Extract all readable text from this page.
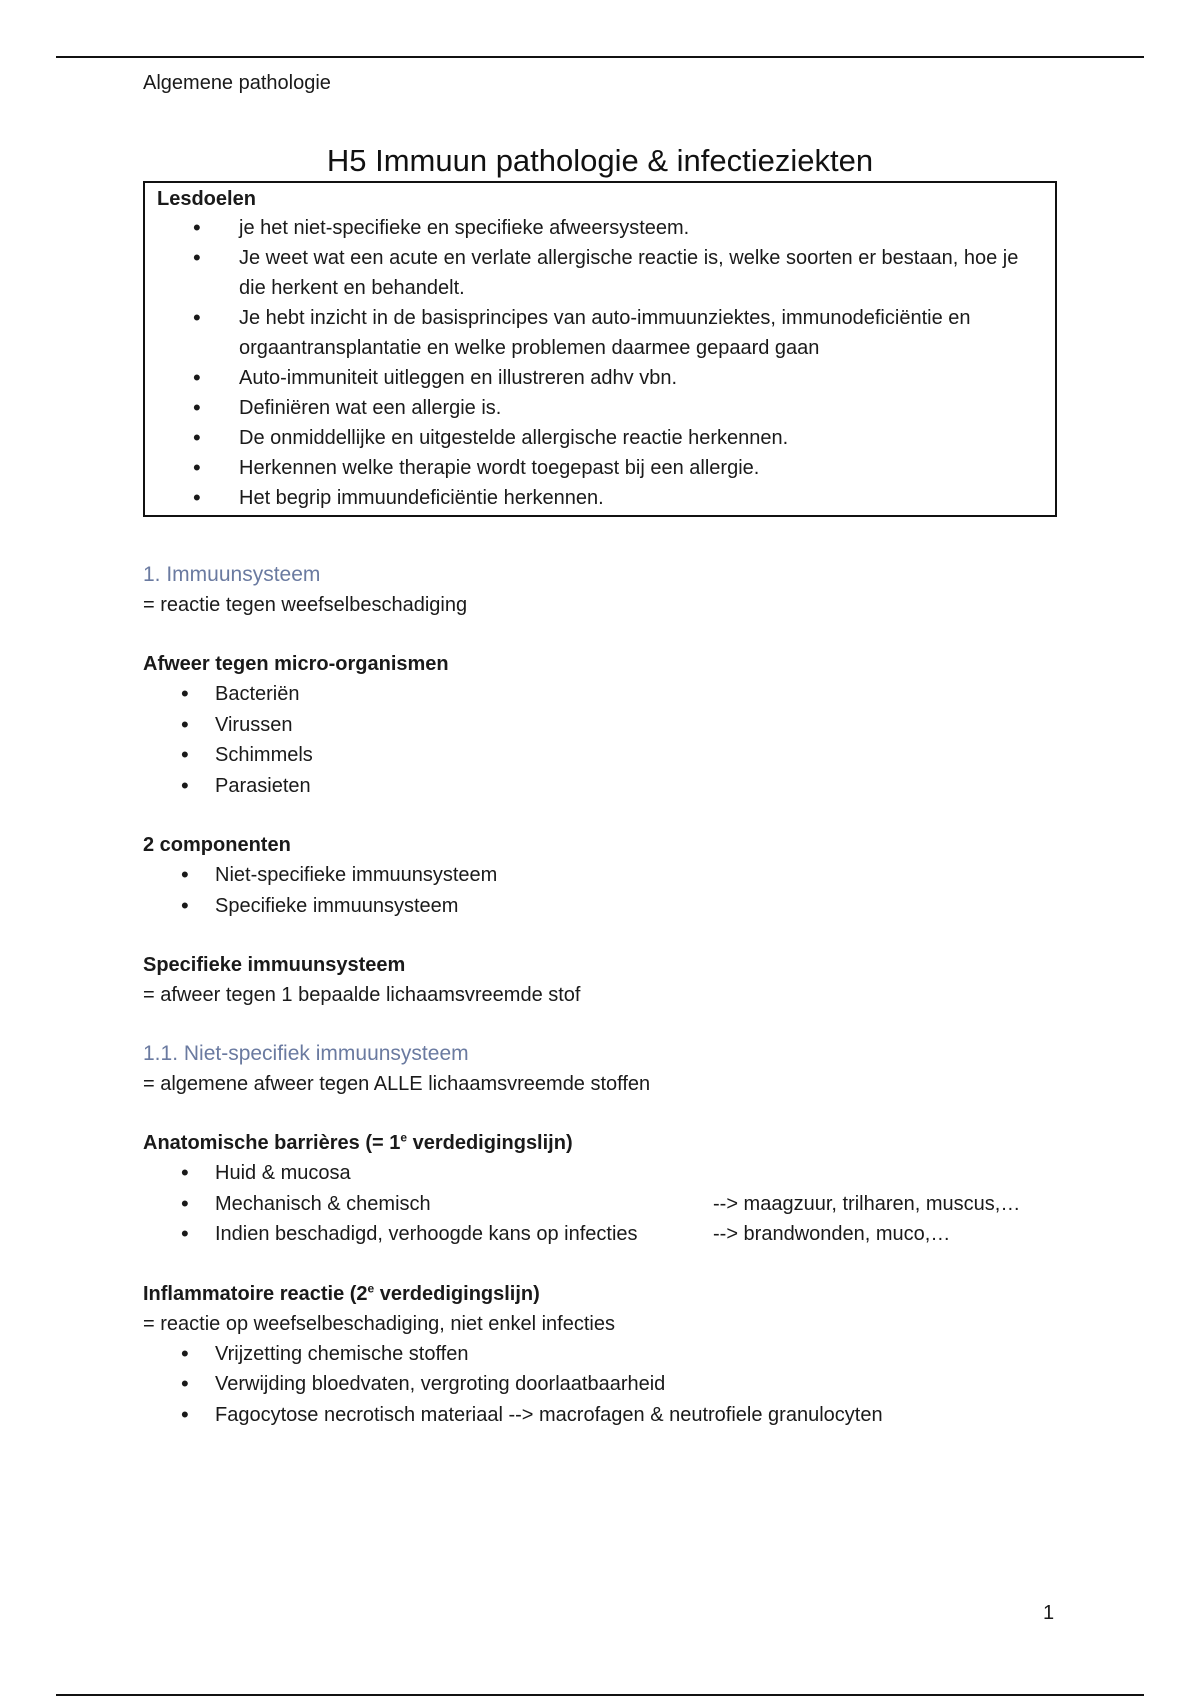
Algemene pathologie
H5 Immuun pathologie & infectieziekten
Lesdoelen
• je het niet-specifieke en specifieke afweersysteem.
• Je weet wat een acute en verlate allergische reactie is, welke soorten er bestaan, hoe je die herkent en behandelt.
• Je hebt inzicht in de basisprincipes van auto-immuunziektes, immunodeficiëntie en orgaantransplantatie en welke problemen daarmee gepaard gaan
• Auto-immuniteit uitleggen en illustreren adhv vbn.
• Definiëren wat een allergie is.
• De onmiddellijke en uitgestelde allergische reactie herkennen.
• Herkennen welke therapie wordt toegepast bij een allergie.
• Het begrip immuundeficiëntie herkennen.

1. Immuunsysteem

= reactie tegen weefselbeschadiging

Afweer tegen micro-organismen

• Bacteriën
• Virussen
• Schimmels
• Parasieten

2 componenten

• Niet-specifieke immuunsysteem
• Specifieke immuunsysteem

Specifieke immuunsysteem

= afweer tegen 1 bepaalde lichaamsvreemde stof

1.1. Niet-specifiek immuunsysteem

= algemene afweer tegen ALLE lichaamsvreemde stoffen

Anatomische barrières (= $1^e$ verdedigingslijn)

• Huid & mucosa
• Mechanisch & chemisch	--> maagzuur, trilharen, muscus,…
• Indien beschadigd, verhoogde kans op infecties	--> brandwonden, muco,…

Inflammatoire reactie (2e verdedigingslijn)

= reactie op weefselbeschadiging, niet enkel infecties

• Vrijzetting chemische stoffen
• Verwijding bloedvaten, vergroting doorlaatbaarheid
• Fagocytose necrotisch materiaal --> macrofagen & neutrofiele granulocyten
1
